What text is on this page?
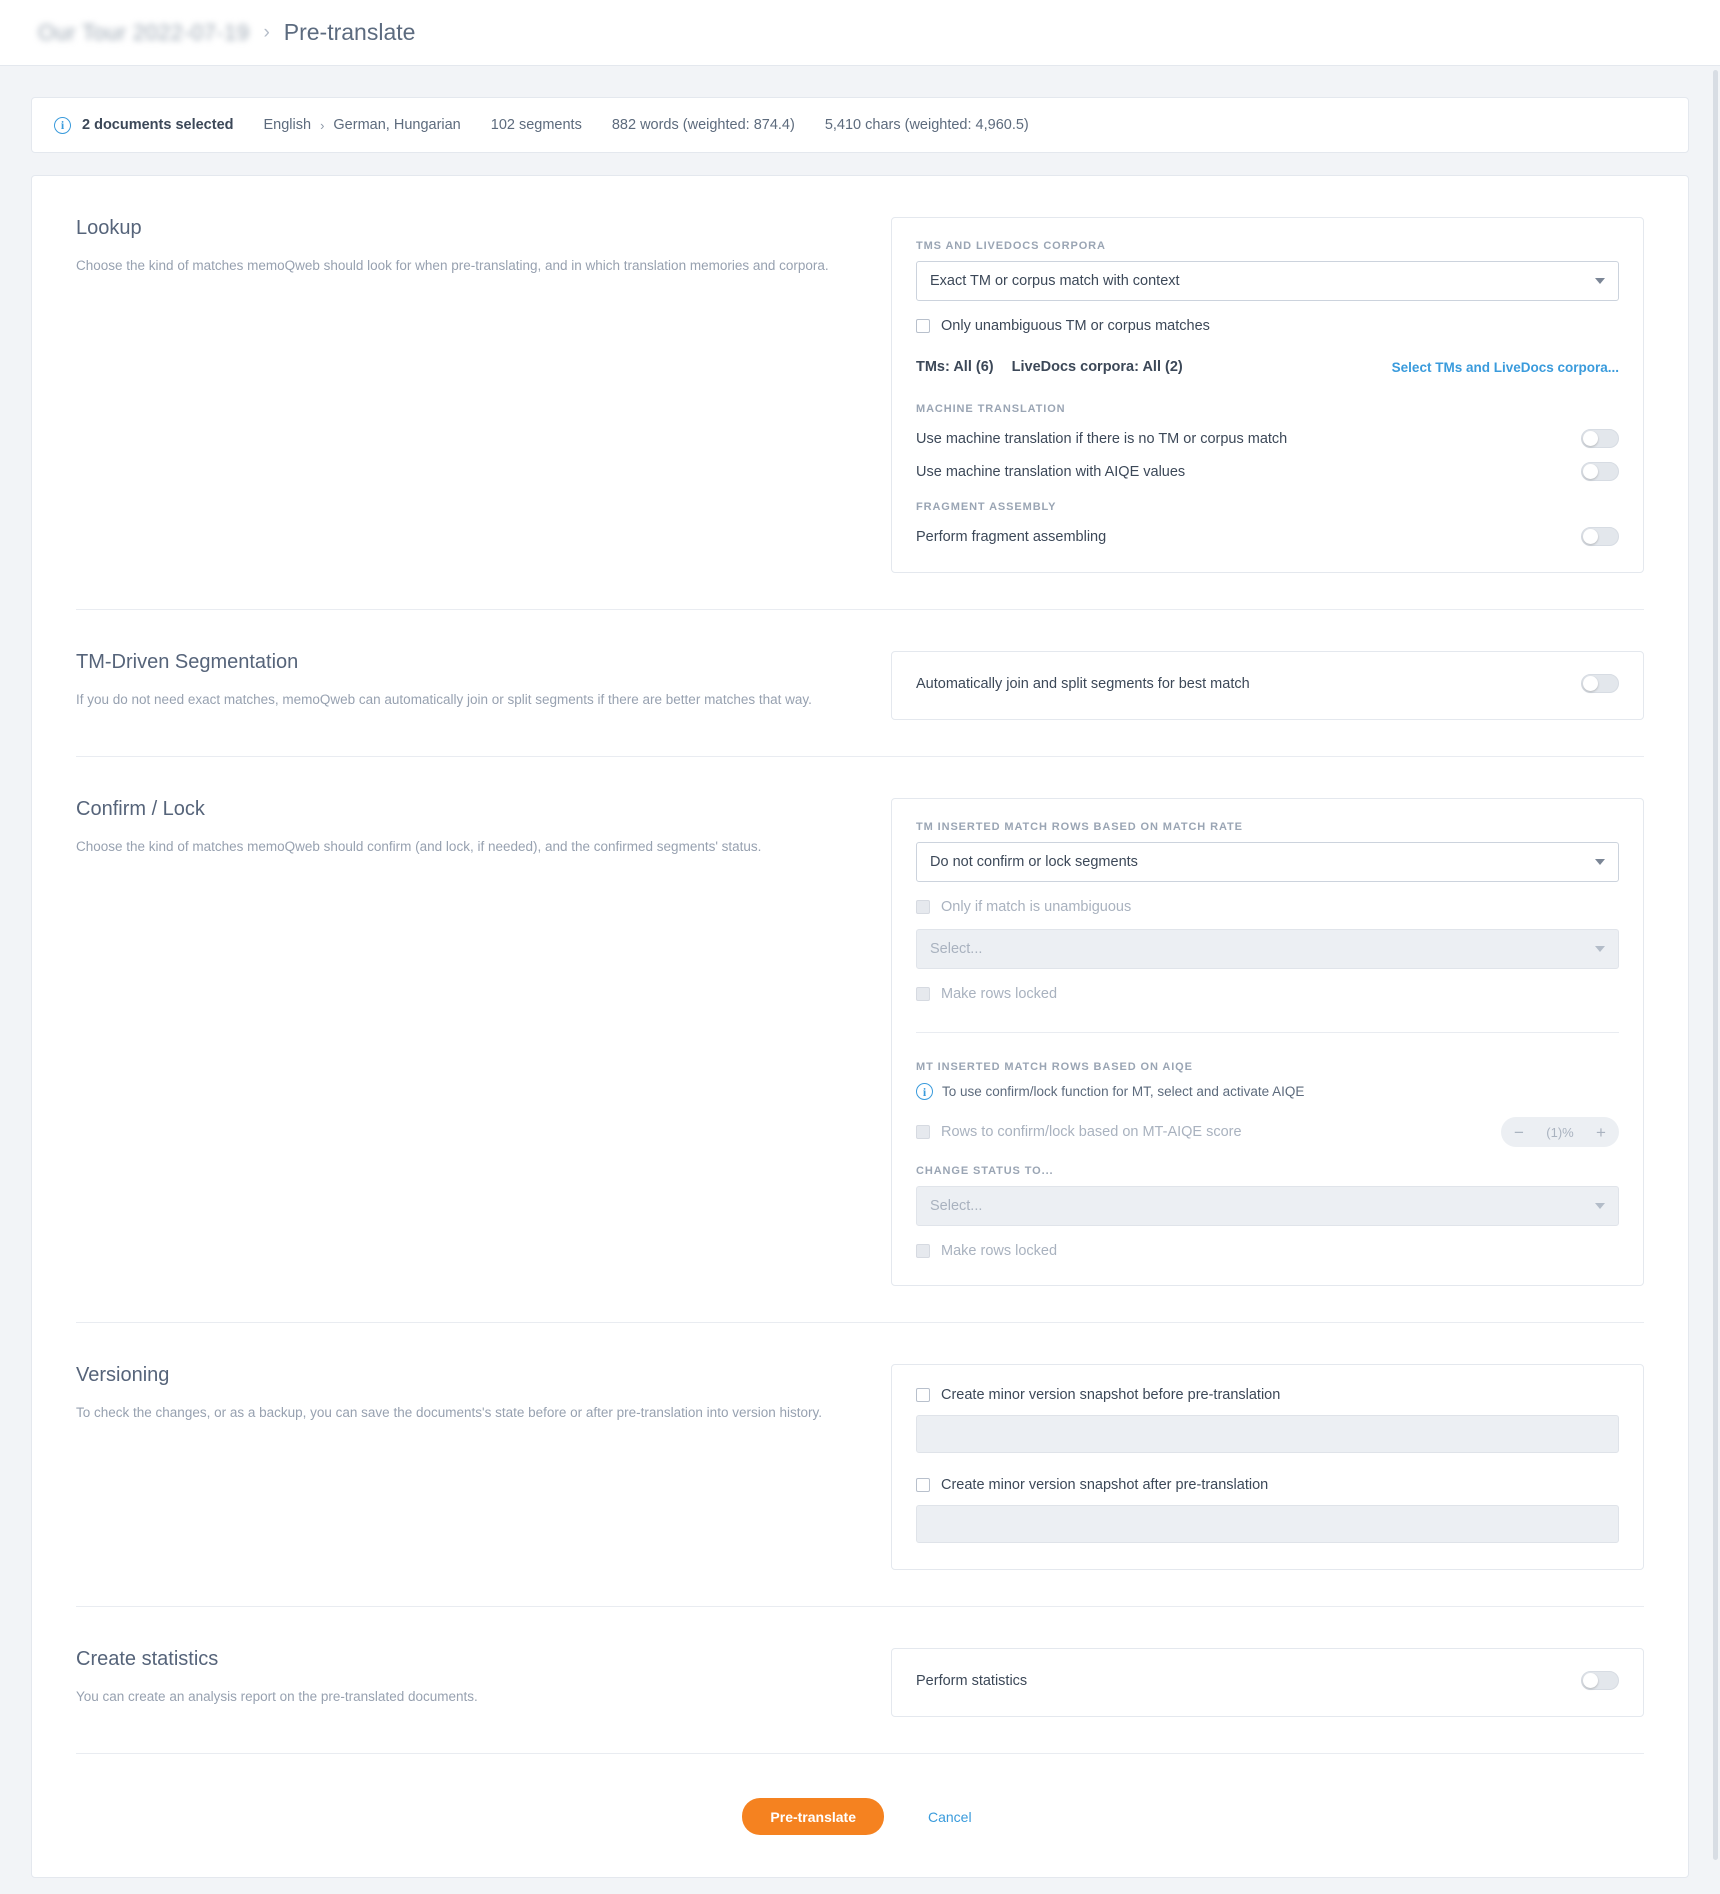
Our Tour 2022-07-19 › Pre-translate
i	2 documents selected English › German, Hungarian 102 segments 882 words (weighted: 874.4) 5,410 chars (weighted: 4,960.5)
Lookup

Choose the kind of matches memoQweb should look for when pre-translating, and in which translation memories and corpora.

TMS AND LIVEDOCS CORPORA
Exact TM or corpus match with context
Only unambiguous TM or corpus matches
TMs: All (6) LiveDocs corpora: All (2)	Select TMs and LiveDocs corpora...
MACHINE TRANSLATION
Use machine translation if there is no TM or corpus match
Use machine translation with AIQE values
FRAGMENT ASSEMBLY
Perform fragment assembling
TM-Driven Segmentation

If you do not need exact matches, memoQweb can automatically join or split segments if there are better matches that way.

Automatically join and split segments for best match
Confirm / Lock

Choose the kind of matches memoQweb should confirm (and lock, if needed), and the confirmed segments' status.

TM INSERTED MATCH ROWS BASED ON MATCH RATE
Do not confirm or lock segments
Only if match is unambiguous
Select...
Make rows locked
MT INSERTED MATCH ROWS BASED ON AIQE
i	To use confirm/lock function for MT, select and activate AIQE
Rows to confirm/lock based on MT-AIQE score	−	(1)%	+
CHANGE STATUS TO...
Select...
Make rows locked
Versioning

To check the changes, or as a backup, you can save the documents's state before or after pre-translation into version history.

Create minor version snapshot before pre-translation
Create minor version snapshot after pre-translation
Create statistics

You can create an analysis report on the pre-translated documents.

Perform statistics
Pre-translate	Cancel
